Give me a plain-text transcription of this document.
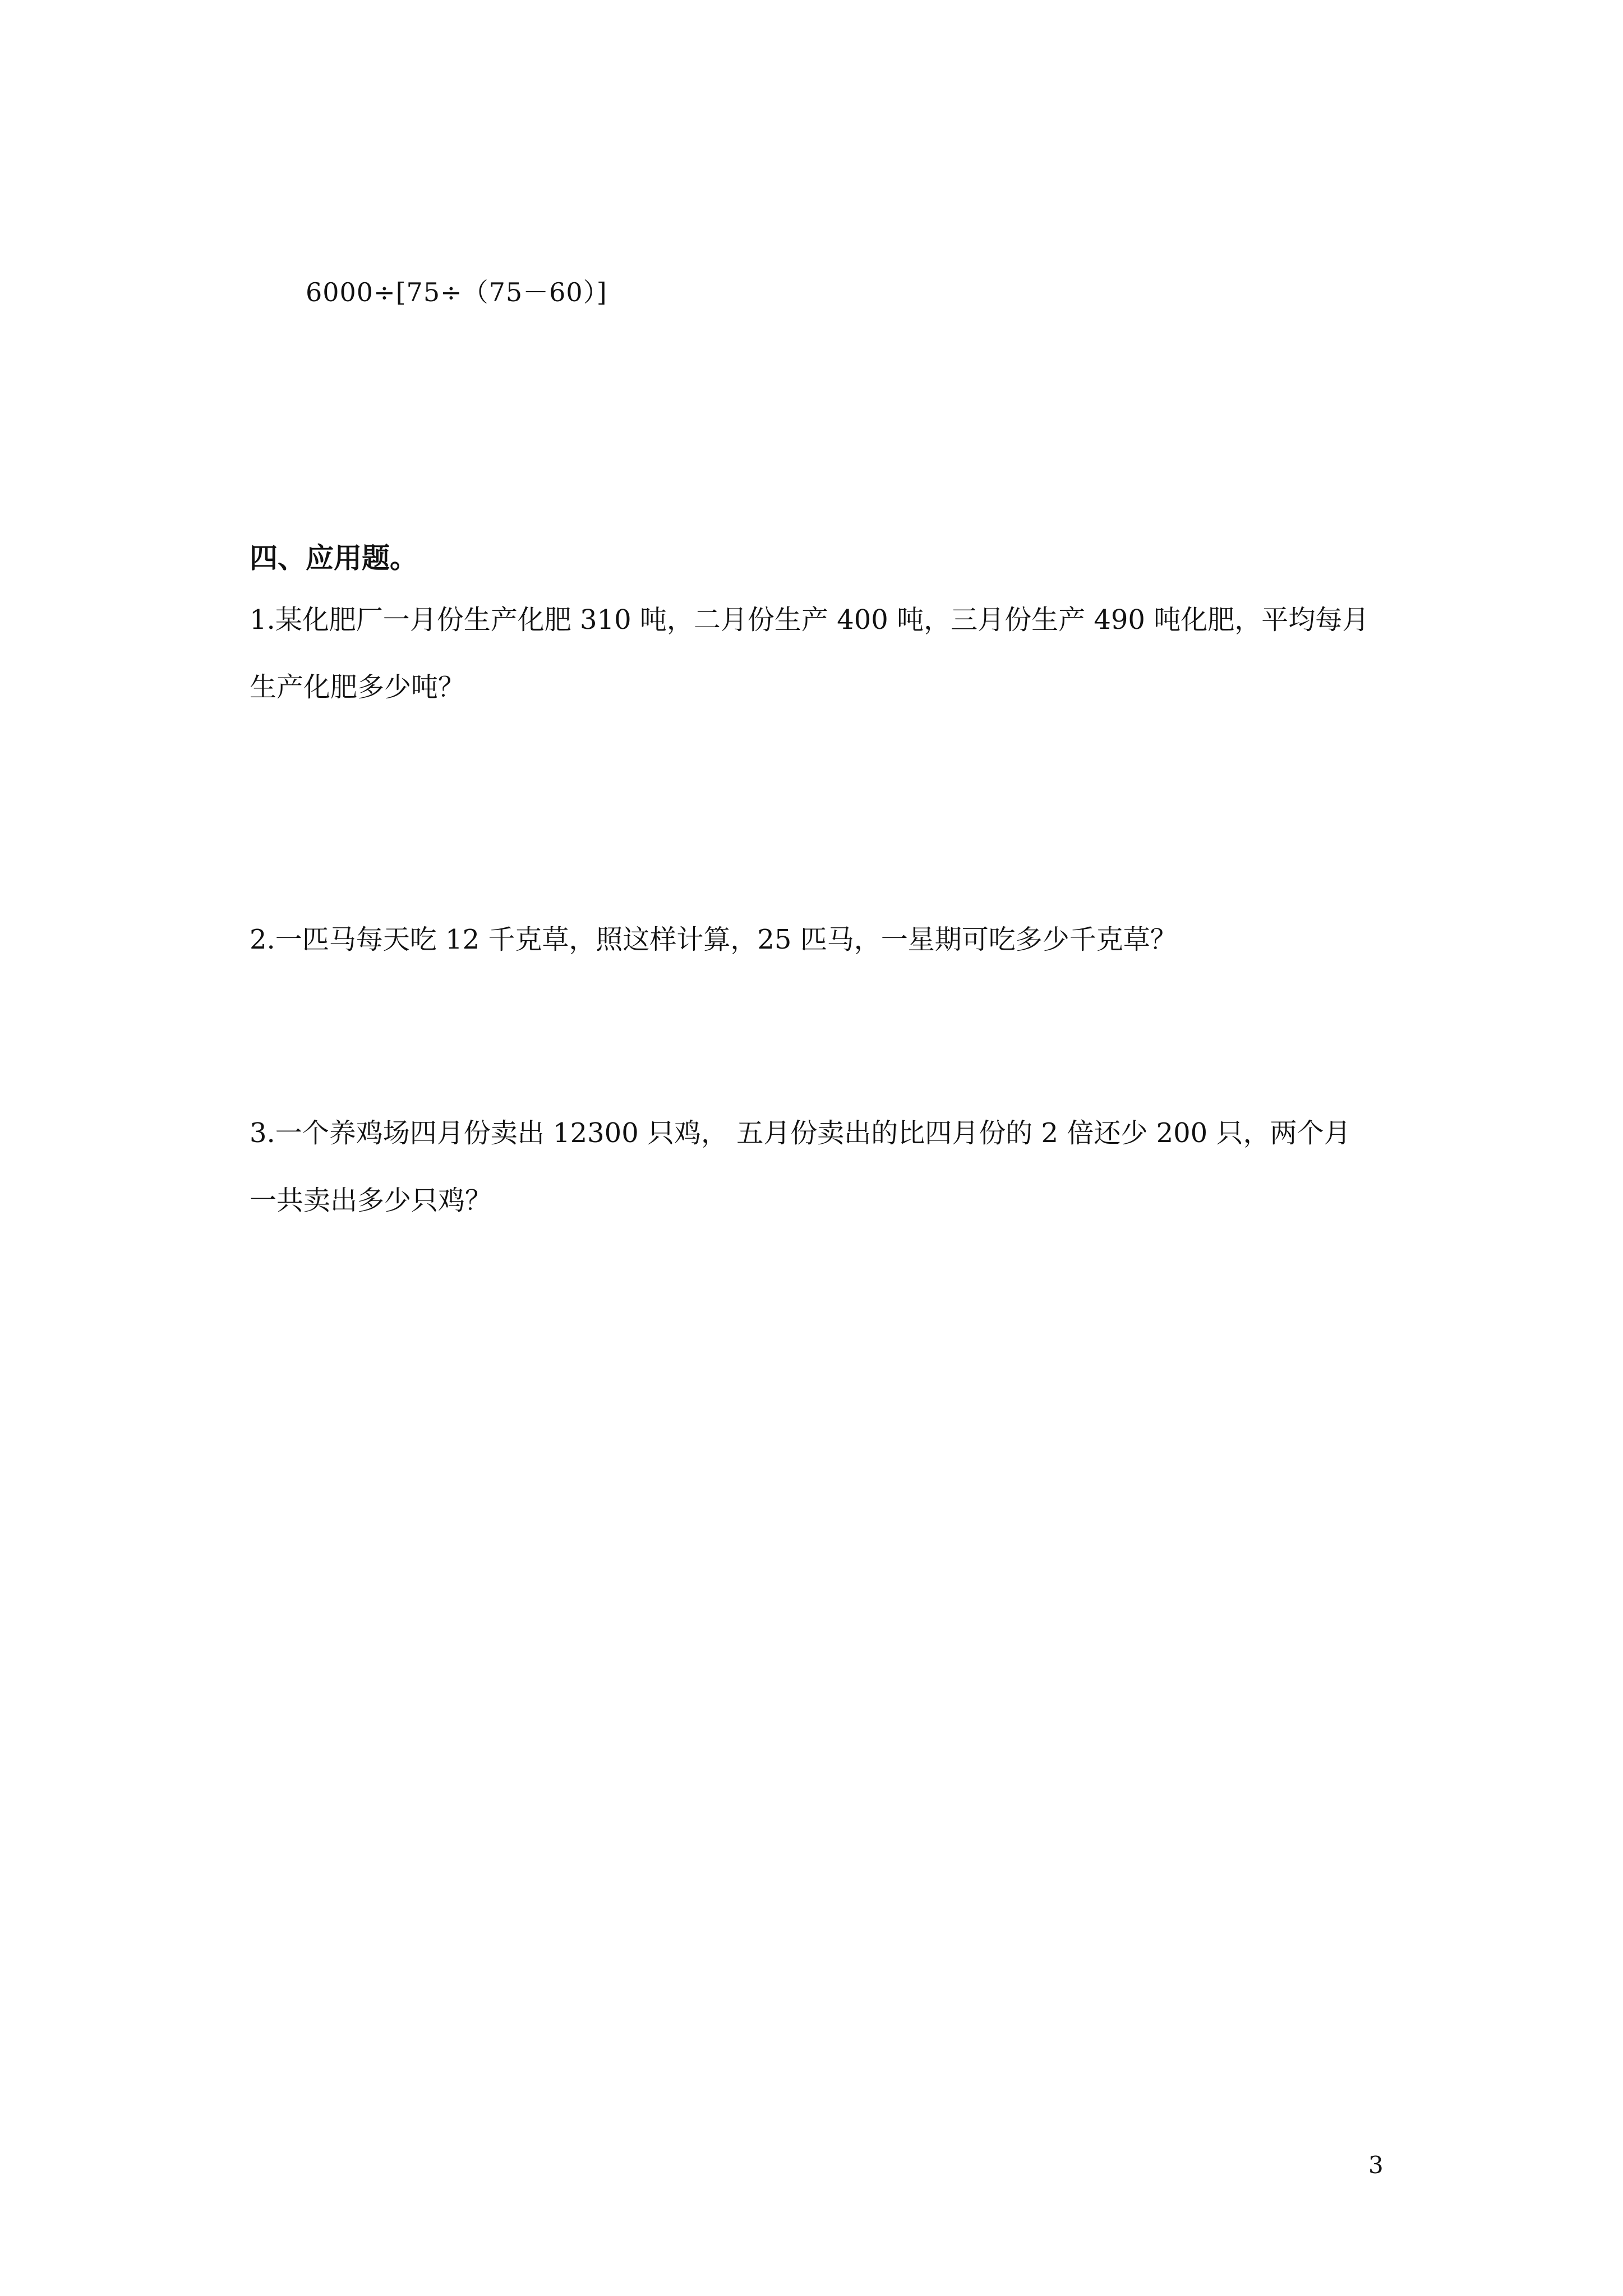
6000÷[75÷（75－60）]
四、应用题。
1.某化肥厂一月份生产化肥 310 吨，二月份生产 400 吨，三月份生产 490 吨化肥，平均每月
生产化肥多少吨？
2.一匹马每天吃 12 千克草，照这样计算，25 匹马，一星期可吃多少千克草？
3.一个养鸡场四月份卖出 12300 只鸡， 五月份卖出的比四月份的 2 倍还少 200 只，两个月
一共卖出多少只鸡？
3
